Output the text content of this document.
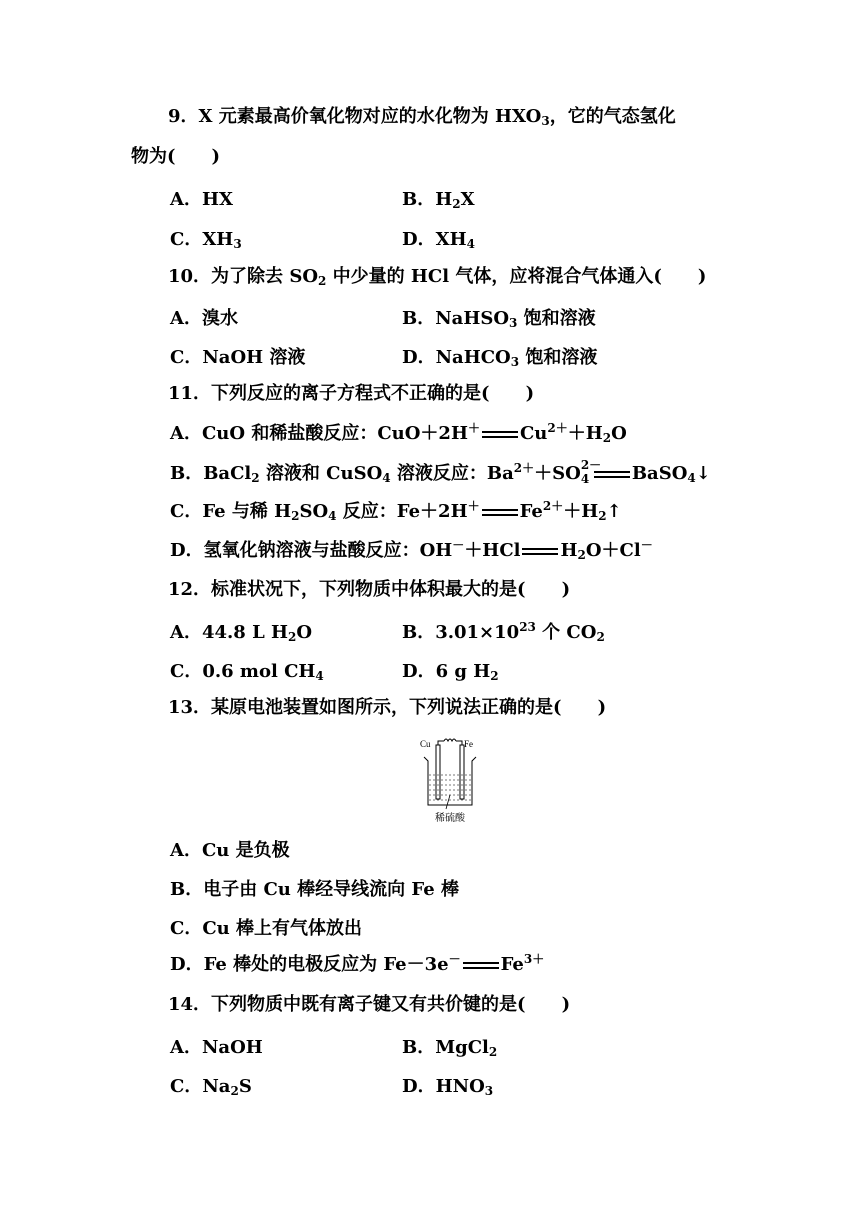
9．X 元素最高价氧化物对应的水化物为 $HXO_3$，它的气态氢化
物为(　　)
A．HX	B．$H_2X$
C．$XH_3$	D．$XH_4$
10．为了除去 $SO_2$ 中少量的 HCl 气体，应将混合气体通入(　　)
A．溴水	B．NaHSO$_3$ 饱和溶液
C．NaOH 溶液	D．NaHCO$_3$ 饱和溶液
11．下列反应的离子方程式不正确的是(　　)
A．CuO 和稀盐酸反应：CuO＋2H＋ $Cu^{2+}+H_2O$
B．BaCl$_2$ 溶液和 CuSO$_4$ 溶液反应：$Ba^{2+}+SO$ 2－
4 BaSO$_4$↓
C．Fe 与稀 $H_2SO_4$ 反应：Fe＋2H＋ $Fe^{2+}+H_2↑$
D．氢氧化钠溶液与盐酸反应：OH－＋HCl $H_2O+Cl^-$
12．标准状况下，下列物质中体积最大的是(　　)
A．44.8 L $H_2O$	B．$3.01\times 10^{23}$ 个 $CO_2$
C．0.6 mol $CH_4$	D．6 g $H_2$
13．某原电池装置如图所示，下列说法正确的是(　　)
Cu	Fe
稀硫酸
A．Cu 是负极
B．电子由 Cu 棒经导线流向 Fe 棒
C．Cu 棒上有气体放出
D．Fe 棒处的电极反应为 Fe－3e－ $Fe^{3+}$
14．下列物质中既有离子键又有共价键的是(　　)
A．NaOH	B．MgCl$_2$
C．$Na_2S$	D．$HNO_3$
